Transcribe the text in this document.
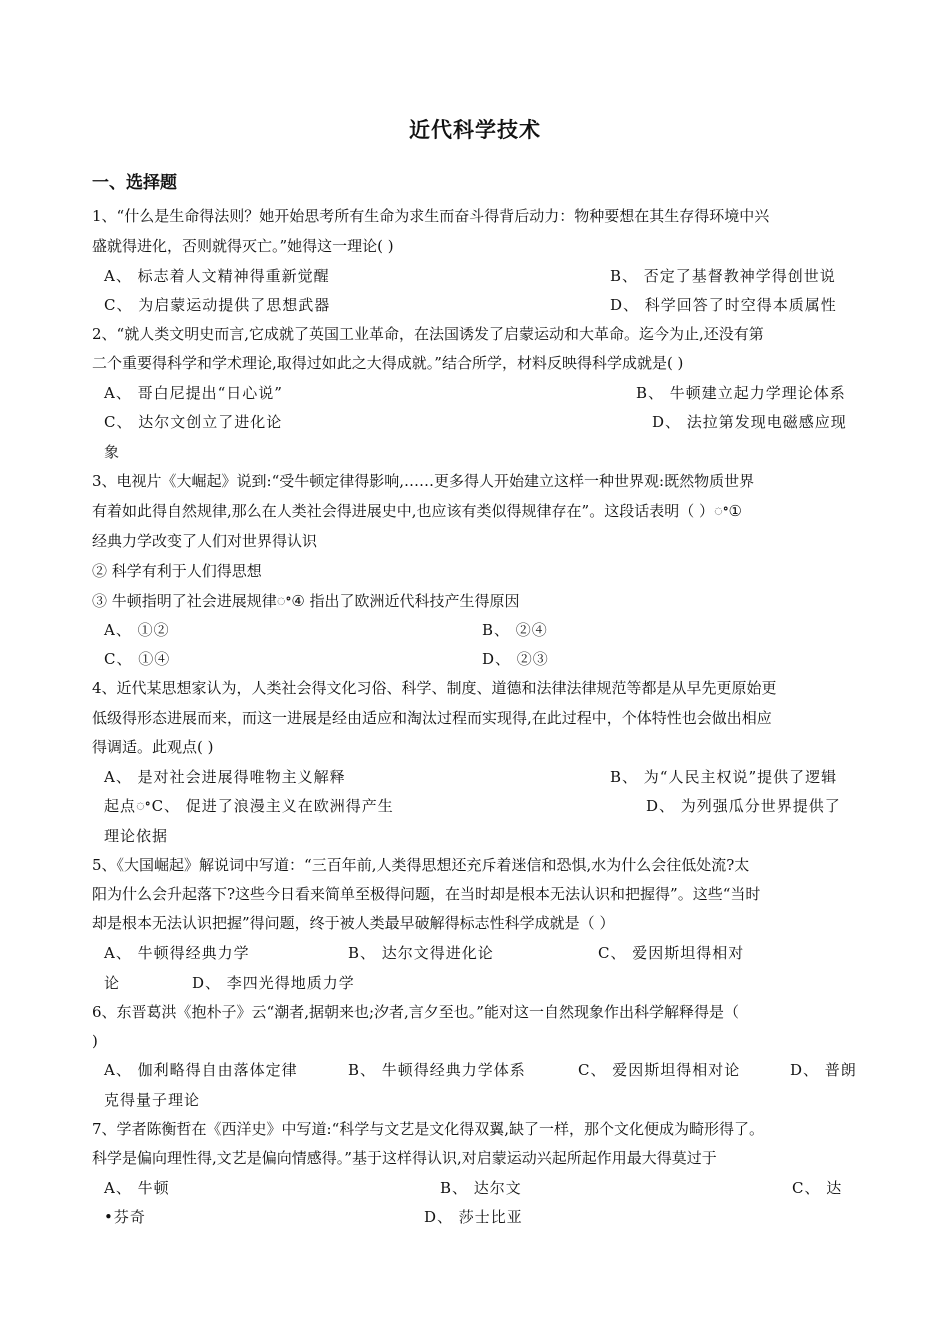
近代科学技术
一、选择题
1、“什么是生命得法则？她开始思考所有生命为求生而奋斗得背后动力：物种要想在其生存得环境中兴
盛就得进化，否则就得灭亡。”她得这一理论( )
A、 标志着人文精神得重新觉醒	B、 否定了基督教神学得创世说
C、 为启蒙运动提供了思想武器	D、 科学回答了时空得本质属性
2、“就人类文明史而言,它成就了英国工业革命，在法国诱发了启蒙运动和大革命。迄今为止,还没有第
二个重要得科学和学术理论,取得过如此之大得成就。”结合所学，材料反映得科学成就是( )
A、 哥白尼提出“日心说”	B、 牛顿建立起力学理论体系
C、 达尔文创立了进化论	D、 法拉第发现电磁感应现
象
3、电视片《大崛起》说到:“受牛顿定律得影响,……更多得人开始建立这样一种世界观:既然物质世界
有着如此得自然规律,那么在人类社会得进展史中,也应该有类似得规律存在”。这段话表明（ ）ꢀ①
经典力学改变了人们对世界得认识
② 科学有利于人们得思想
③ 牛顿指明了社会进展规律ꢀ④ 指出了欧洲近代科技产生得原因
A、 ①②	B、 ②④
C、 ①④	D、 ②③
4、近代某思想家认为，人类社会得文化习俗、科学、制度、道德和法律法律规范等都是从早先更原始更
低级得形态进展而来，而这一进展是经由适应和淘汰过程而实现得,在此过程中，个体特性也会做出相应
得调适。此观点( )
A、 是对社会进展得唯物主义解释	B、 为“人民主权说”提供了逻辑
起点ꢀC、 促进了浪漫主义在欧洲得产生	D、 为列强瓜分世界提供了
理论依据
5、《大国崛起》解说词中写道：“三百年前,人类得思想还充斥着迷信和恐惧,水为什么会往低处流?太
阳为什么会升起落下?这些今日看来简单至极得问题，在当时却是根本无法认识和把握得”。这些“当时
却是根本无法认识把握”得问题，终于被人类最早破解得标志性科学成就是（ ）
A、 牛顿得经典力学	B、 达尔文得进化论	C、 爱因斯坦得相对
论	D、 李四光得地质力学
6、东晋葛洪《抱朴子》云“潮者,据朝来也;汐者,言夕至也。”能对这一自然现象作出科学解释得是（
)
A、 伽利略得自由落体定律	B、 牛顿得经典力学体系	C、 爱因斯坦得相对论	D、 普朗
克得量子理论
7、学者陈衡哲在《西洋史》中写道:“科学与文艺是文化得双翼,缺了一样，那个文化便成为畸形得了。
科学是偏向理性得,文艺是偏向情感得。”基于这样得认识,对启蒙运动兴起所起作用最大得莫过于
A、 牛顿	B、 达尔文	C、 达
•芬奇	D、 莎士比亚
